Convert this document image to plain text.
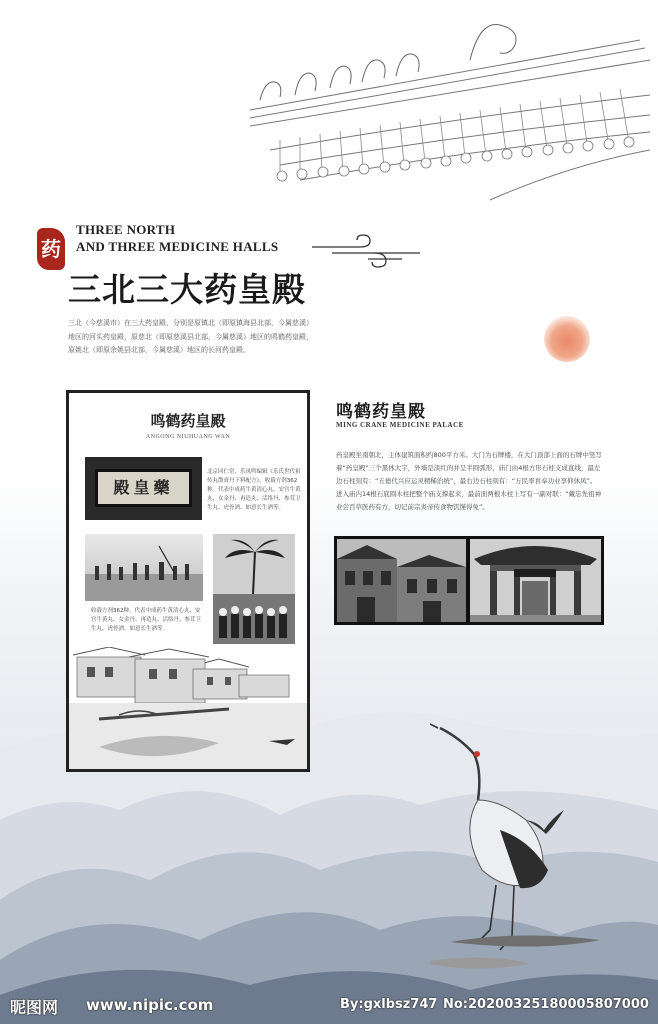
药
THREE NORTH
AND THREE MEDICINE HALLS
三北三大药皇殿
三北（今慈溪市）在三大药皇殿，分别是原镇北（即原镇海县北部，今属慈溪）地区的河头药皇殿，原慈北（即原慈溪县北部，今属慈溪）地区的鸣鹤药皇殿，原姚北（即原余姚县北部，今属慈溪）地区的长河药皇殿。
鸣鹤药皇殿
ANGONG NIUHUANG WAN
殿皇藥
北京同仁堂，乐凤鸣编辑《乐氏世代祖传丸散膏丹下料配方》，收载方剂362种。代表中成药牛黄清心丸、安宫牛黄丸、女金丹、再造丸、活络丹、参茸卫生丸、虎骨酒、如意长生酒等。
收载方剂362种。代表中成药牛黄清心丸、安宫牛黄丸、女金丹、再造丸、活络丹、参茸卫生丸、虎骨酒、如意长生酒等。
鸣鹤药皇殿
MING CRANE MEDICINE PALACE
药皇殿坐南朝北，主体建筑面积约800平方米。大门为石牌楼，在大门顶部上面的石牌中竖写着“药皇殿”三个黑体大字，外墙是淡红的并呈半圆弧形，庙门由4根方形石柱支成直线，最左边石柱刻有：“五德代兴应运灵精稀治统”，最右边石柱刻有：“万民率育奉功业享仰休风”。进入庙内14根石底圆木柱把整个庙支撑起来，最前面两根木柱上写有一副对联：“戴忘先祖神业尝百草医药有方，切记前宗炎帝传食物饥馑得免”。
昵图网 www.nipic.com	By:gxlbsz747 No:20200325180005807000
